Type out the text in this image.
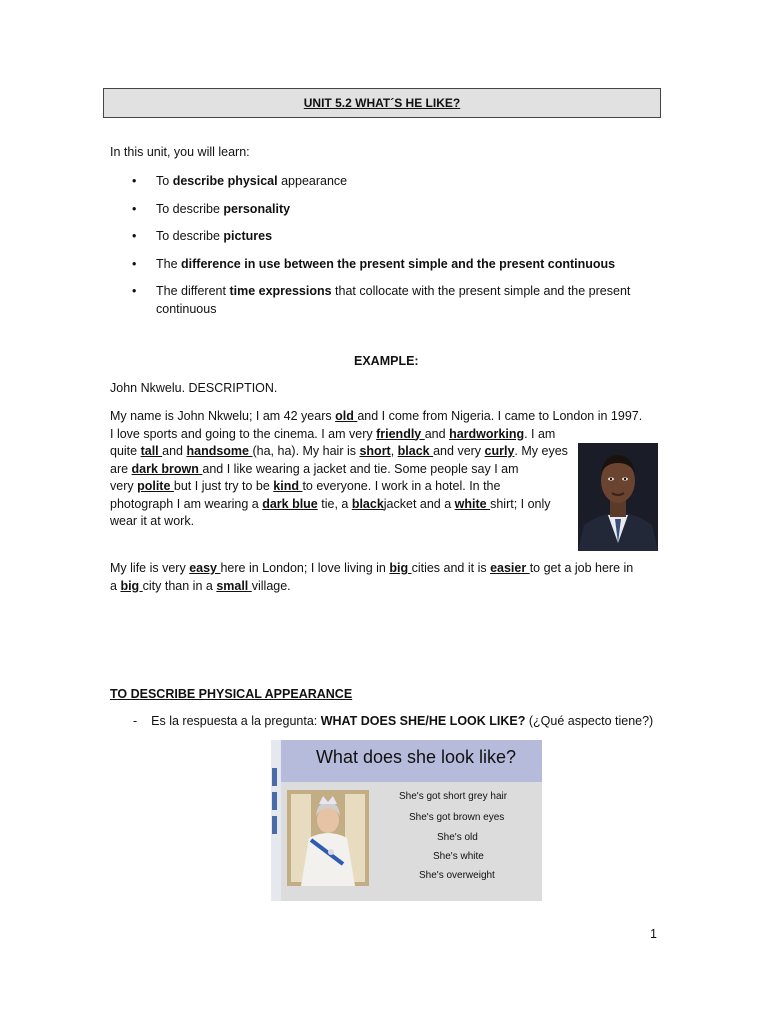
UNIT 5.2 WHAT´S HE LIKE?
In this unit, you will learn:
• To describe physical appearance
• To describe personality
• To describe pictures
• The difference in use between the present simple and the present continuous
• The different time expressions that collocate with the present simple and the present continuous
EXAMPLE:
John Nkwelu. DESCRIPTION.
My name is John Nkwelu; I am 42 years old and I come from Nigeria. I came to London in 1997.
I love sports and going to the cinema. I am very friendly and hardworking. I am
quite tall and handsome (ha, ha). My hair is short, black and very curly. My eyes
are dark brown and I like wearing a jacket and tie. Some people say I am
very polite but I just try to be kind to everyone. I work in a hotel. In the
photograph I am wearing a dark blue tie, a blackjacket and a white shirt; I only
wear it at work.
My life is very easy here in London; I love living in big cities and it is easier to get a job here in
a big city than in a small village.
TO DESCRIBE PHYSICAL APPEARANCE
- Es la respuesta a la pregunta: WHAT DOES SHE/HE LOOK LIKE? (¿Qué aspecto tiene?)
What does she look like?
She's got short grey hair
She's got brown eyes
She's old
She's white
She's overweight
1
